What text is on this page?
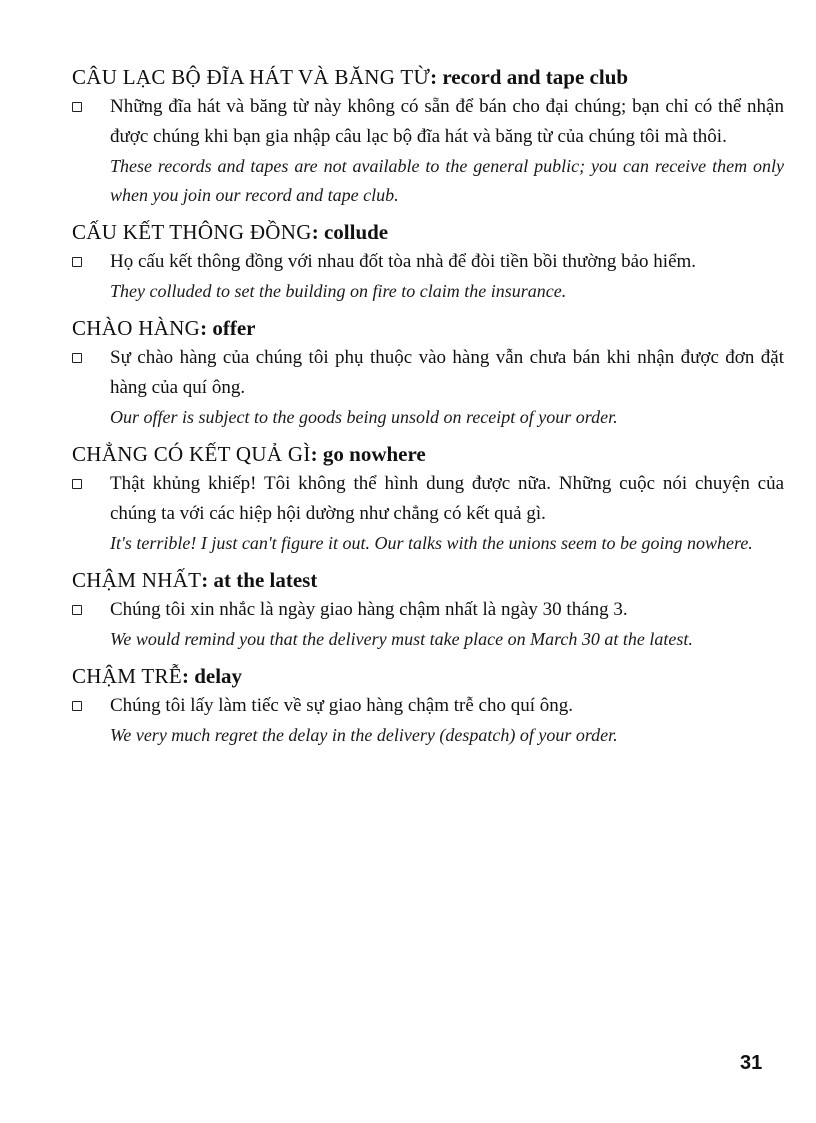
CÂU LẠC BỘ ĐĨA HÁT VÀ BĂNG TỪ: record and tape club

Những đĩa hát và băng từ này không có sẵn để bán cho đại chúng; bạn chỉ có thể nhận được chúng khi bạn gia nhập câu lạc bộ đĩa hát và băng từ của chúng tôi mà thôi.

These records and tapes are not available to the general public; you can receive them only when you join our record and tape club.

CẤU KẾT THÔNG ĐỒNG: collude

Họ cấu kết thông đồng với nhau đốt tòa nhà để đòi tiền bồi thường bảo hiểm.

They colluded to set the building on fire to claim the insurance.

CHÀO HÀNG: offer

Sự chào hàng của chúng tôi phụ thuộc vào hàng vẫn chưa bán khi nhận được đơn đặt hàng của quí ông.

Our offer is subject to the goods being unsold on receipt of your order.

CHẲNG CÓ KẾT QUẢ GÌ: go nowhere

Thật khủng khiếp! Tôi không thể hình dung được nữa. Những cuộc nói chuyện của chúng ta với các hiệp hội dường như chẳng có kết quả gì.

It's terrible! I just can't figure it out. Our talks with the unions seem to be going nowhere.

CHẬM NHẤT: at the latest

Chúng tôi xin nhắc là ngày giao hàng chậm nhất là ngày 30 tháng 3.

We would remind you that the delivery must take place on March 30 at the latest.

CHẬM TRỄ: delay

Chúng tôi lấy làm tiếc về sự giao hàng chậm trễ cho quí ông.

We very much regret the delay in the delivery (despatch) of your order.

31
